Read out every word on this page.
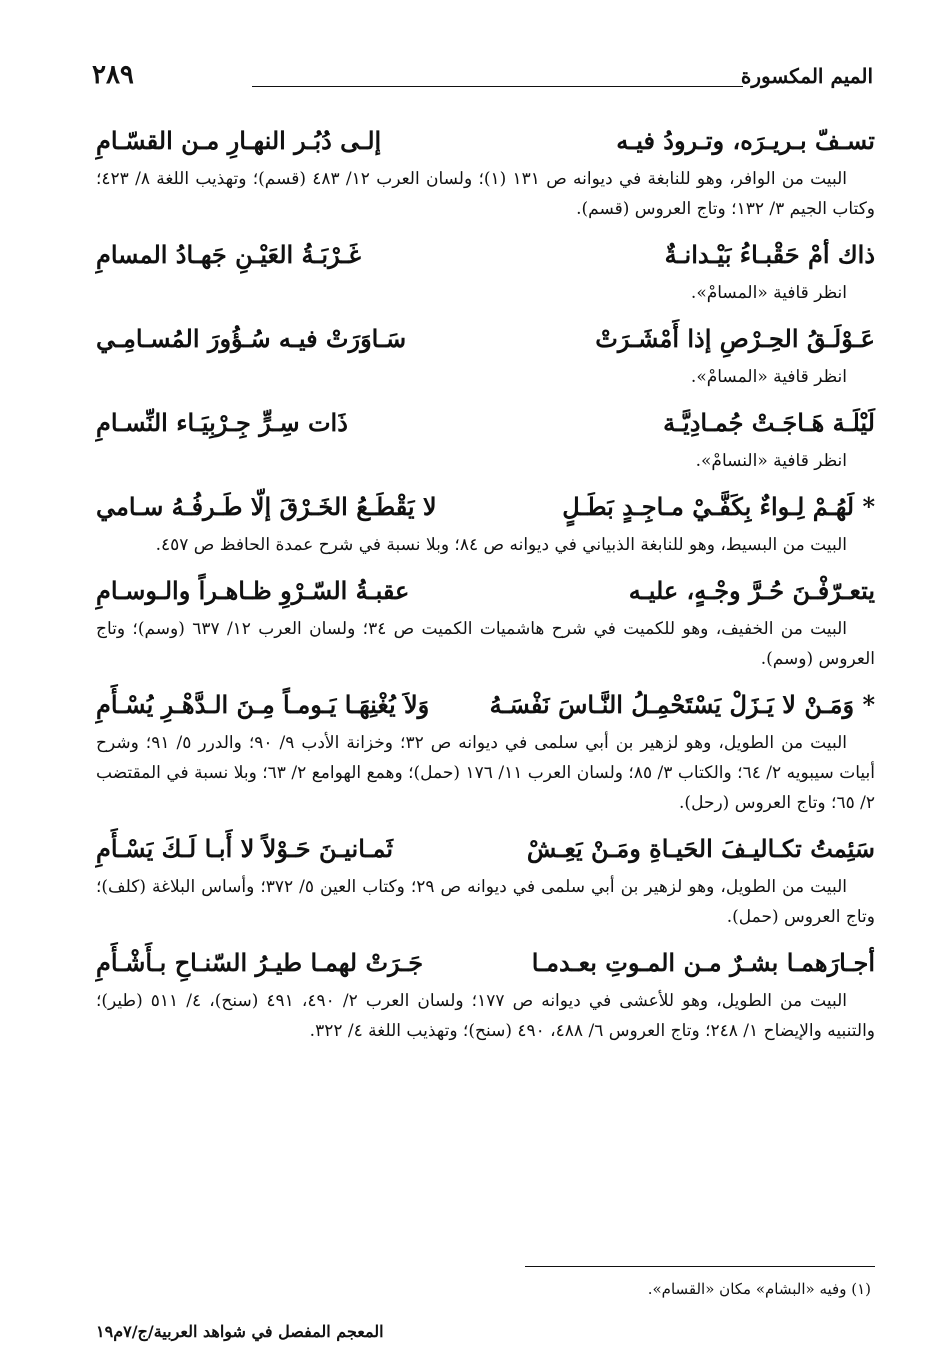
٢٨٩	الميم المكسورة
تسـفّ بـريـرَه، وتـرودُ فيـه
إلـى دُبُـر النهـارِ مـن القسّـامِ
البيت من الوافر، وهو للنابغة في ديوانه ص ١٣١ (١)؛ ولسان العرب ١٢/ ٤٨٣ (قسم)؛ وتهذيب اللغة ٨/ ٤٢٣؛ وكتاب الجيم ٣/ ١٣٢؛ وتاج العروس (قسم).
ذاك أمْ حَقْبـاءُ بَيْـدانـةٌ
غَـرْبَـةُ العَيْـنِ جَهـادُ المسامِ
انظر قافية «المسامْ».
عَـوْلَـقُ الحِـرْصِ إذا أَمْشَـرَتْ
سَـاوَرَتْ فيـه سُـؤُورَ المُسـامِـي
انظر قافية «المسامْ».
لَيْلَـة هَـاجَـتْ جُمـادِيَّـة
ذَات سِـرٍّ جِـرْبِيَـاء النِّسـامِ
انظر قافية «النسامْ».
* لَهُـمْ لِـواءٌ بِكَفَّـيْ مـاجِـدٍ بَطَـلٍ
لا يَقْطَـعُ الخَـرْقَ إلّا طَـرفُـهُ سـامي
البيت من البسيط، وهو للنابغة الذبياني في ديوانه ص ٨٤؛ وبلا نسبة في شرح عمدة الحافظ ص ٤٥٧.
يتعـرّفْـنَ حُـرَّ وجْـهٍ، عليـه
عقبـةُ السّـرْوِ ظـاهـراً والـوسـامِ
البيت من الخفيف، وهو للكميت في شرح هاشميات الكميت ص ٣٤؛ ولسان العرب ١٢/ ٦٣٧ (وسم)؛ وتاج العروس (وسم).
* وَمَـنْ لا يَـزَلْ يَسْتَحْمِـلُ النَّـاسَ نَفْسَـهُ
وَلاَ يُغْنِهَـا يَـومـاً مِـنَ الـدَّهْـرِ يُسْـأَمِ
البيت من الطويل، وهو لزهير بن أبي سلمى في ديوانه ص ٣٢؛ وخزانة الأدب ٩/ ٩٠؛ والدرر ٥/ ٩١؛ وشرح أبيات سيبويه ٢/ ٦٤؛ والكتاب ٣/ ٨٥؛ ولسان العرب ١١/ ١٧٦ (حمل)؛ وهمع الهوامع ٢/ ٦٣؛ وبلا نسبة في المقتضب ٢/ ٦٥؛ وتاج العروس (رحل).
سَئِمتُ تكـاليـفَ الحَيـاةِ ومَـنْ يَعِـشْ
ثَمـانيـنَ حَـوْلاً لا أَبـا لَـكَ يَسْـأَمِ
البيت من الطويل، وهو لزهير بن أبي سلمى في ديوانه ص ٢٩؛ وكتاب العين ٥/ ٣٧٢؛ وأساس البلاغة (كلف)؛ وتاج العروس (حمل).
أجـارَهمـا بشـرٌ مـن المـوتِ بعـدمـا
جَـرَتْ لهمـا طيـرُ السّنـاحِ بـأَشْـأَمِ
البيت من الطويل، وهو للأعشى في ديوانه ص ١٧٧؛ ولسان العرب ٢/ ٤٩٠، ٤٩١ (سنح)، ٤/ ٥١١ (طير)؛ والتنبيه والإيضاح ١/ ٢٤٨؛ وتاج العروس ٦/ ٤٨٨، ٤٩٠ (سنح)؛ وتهذيب اللغة ٤/ ٣٢٢.
(١) وفيه «البشام» مكان «القسام».
المعجم المفصل في شواهد العربية/ج/٧م١٩
